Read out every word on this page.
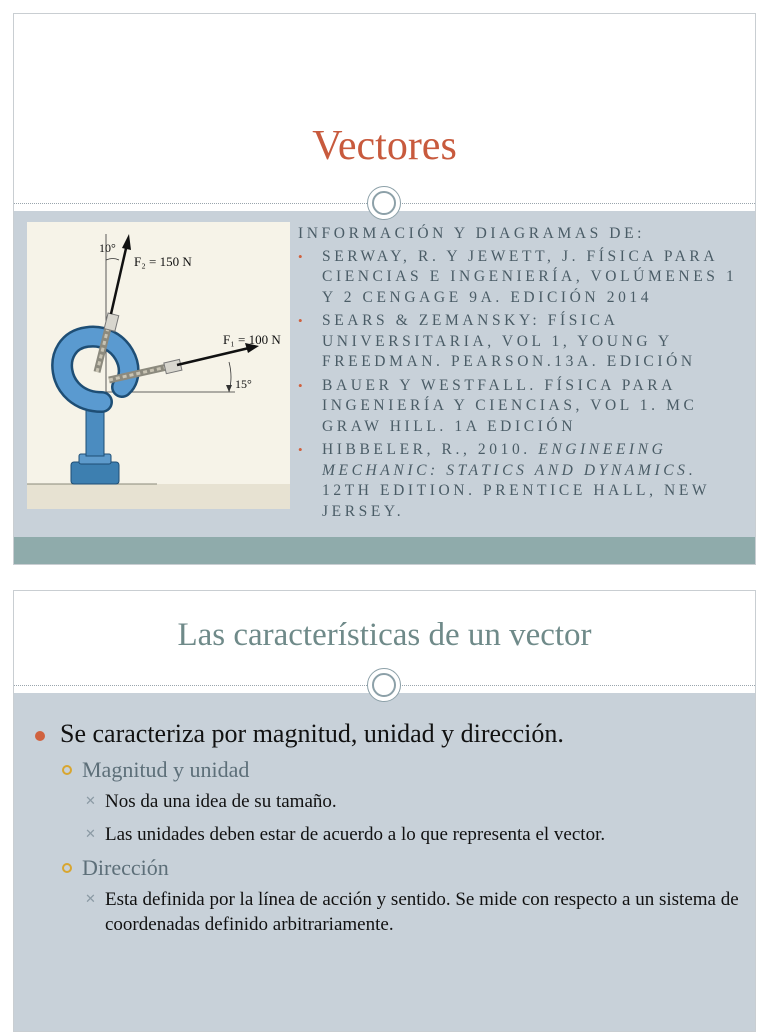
Vectores
10°
F₂ = 150 N
F₁ = 100 N
15°
INFORMACIÓN Y DIAGRAMAS DE:
• SERWAY, R. Y JEWETT, J. FÍSICA PARA CIENCIAS E INGENIERÍA, VOLÚMENES 1 Y 2 CENGAGE 9A. EDICIÓN 2014
• SEARS & ZEMANSKY: FÍSICA UNIVERSITARIA, VOL 1, YOUNG Y FREEDMAN. PEARSON.13A. EDICIÓN
• BAUER Y WESTFALL. FÍSICA PARA INGENIERÍA Y CIENCIAS, VOL 1. MC GRAW HILL. 1A EDICIÓN
• HIBBELER, R., 2010. ENGINEEING MECHANIC: STATICS AND DYNAMICS. 12TH EDITION. PRENTICE HALL, NEW JERSEY.
Las características de un vector
Se caracteriza por magnitud, unidad y dirección.
Magnitud y unidad
✕ Nos da una idea de su tamaño.
✕ Las unidades deben estar de acuerdo a lo que representa el vector.
Dirección
✕ Esta definida por la línea de acción y sentido. Se mide con respecto a un sistema de coordenadas definido arbitrariamente.
